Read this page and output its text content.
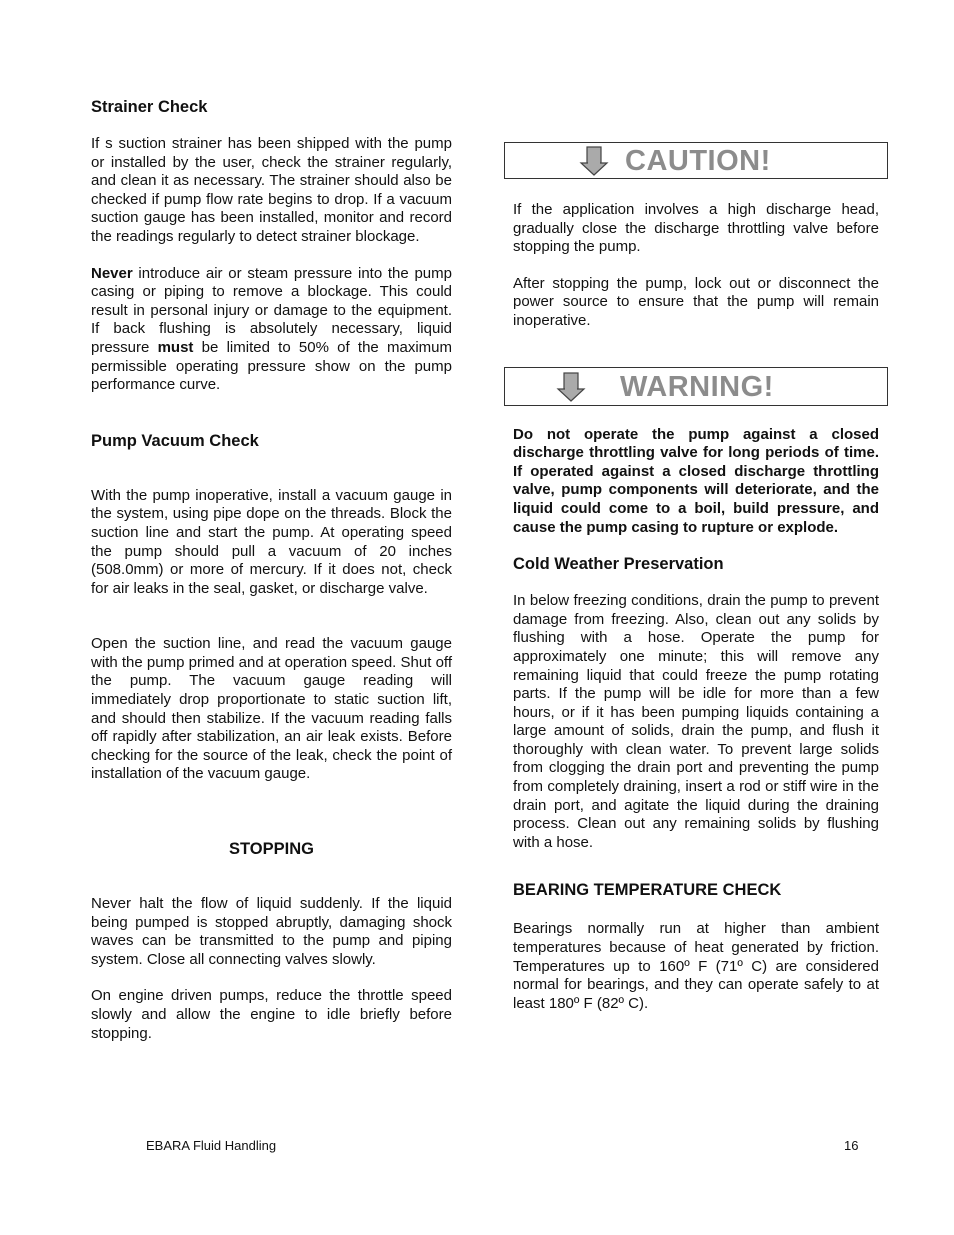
Strainer Check

If s suction strainer has been shipped with the pump or installed by the user, check the strainer regularly, and clean it as necessary. The strainer should also be checked if pump flow rate begins to drop. If a vacuum suction gauge has been installed, monitor and record the readings regularly to detect strainer blockage.

Never introduce air or steam pressure into the pump casing or piping to remove a blockage. This could result in personal injury or damage to the equipment. If back flushing is absolutely necessary, liquid pressure must be limited to 50% of the maximum permissible operating pressure show on the pump performance curve.

Pump Vacuum Check

With the pump inoperative, install a vacuum gauge in the system, using pipe dope on the threads. Block the suction line and start the pump. At operating speed the pump should pull a vacuum of 20 inches (508.0mm) or more of mercury. If it does not, check for air leaks in the seal, gasket, or discharge valve.

Open the suction line, and read the vacuum gauge with the pump primed and at operation speed. Shut off the pump. The vacuum gauge reading will immediately drop proportionate to static suction lift, and should then stabilize. If the vacuum reading falls off rapidly after stabilization, an air leak exists. Before checking for the source of the leak, check the point of installation of the vacuum gauge.

STOPPING

Never halt the flow of liquid suddenly. If the liquid being pumped is stopped abruptly, damaging shock waves can be transmitted to the pump and piping system. Close all connecting valves slowly.

On engine driven pumps, reduce the throttle speed slowly and allow the engine to idle briefly before stopping.

CAUTION!

If the application involves a high discharge head, gradually close the discharge throttling valve before stopping the pump.

After stopping the pump, lock out or disconnect the power source to ensure that the pump will remain inoperative.

WARNING!

Do not operate the pump against a closed discharge throttling valve for long periods of time. If operated against a closed discharge throttling valve, pump components will deteriorate, and the liquid could come to a boil, build pressure, and cause the pump casing to rupture or explode.

Cold Weather Preservation

In below freezing conditions, drain the pump to prevent damage from freezing. Also, clean out any solids by flushing with a hose. Operate the pump for approximately one minute; this will remove any remaining liquid that could freeze the pump rotating parts. If the pump will be idle for more than a few hours, or if it has been pumping liquids containing a large amount of solids, drain the pump, and flush it thoroughly with clean water. To prevent large solids from clogging the drain port and preventing the pump from completely draining, insert a rod or stiff wire in the drain port, and agitate the liquid during the draining process. Clean out any remaining solids by flushing with a hose.

BEARING TEMPERATURE CHECK

Bearings normally run at higher than ambient temperatures because of heat generated by friction. Temperatures up to 160º F (71º C) are considered normal for bearings, and they can operate safely to at least 180º F (82º C).

EBARA Fluid Handling	16
